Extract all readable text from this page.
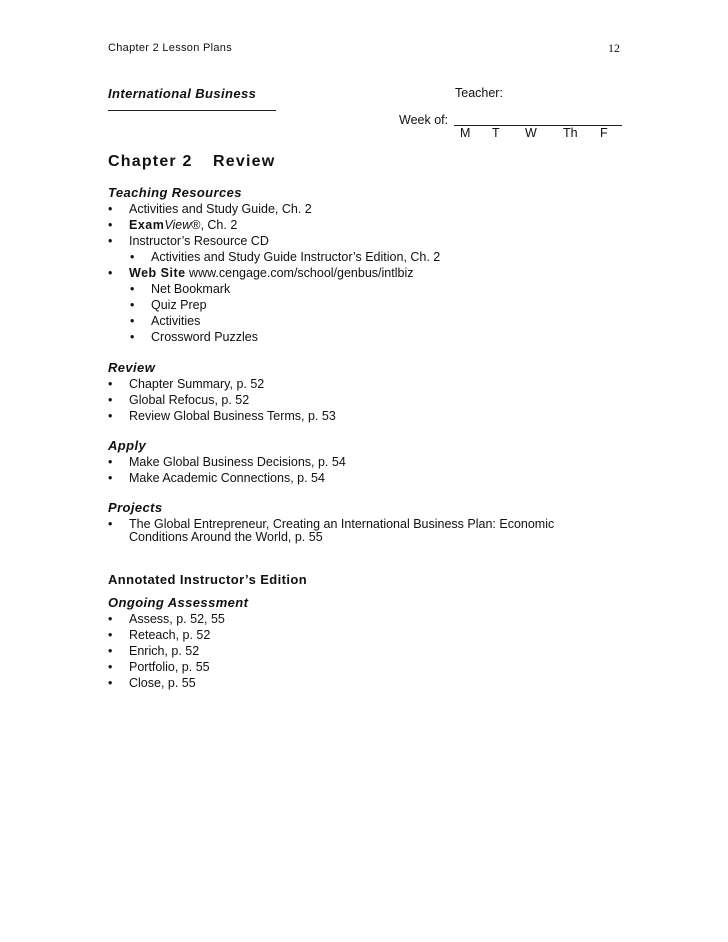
Chapter 2 Lesson Plans	12
International Business	Teacher:
Week of:
M	T	W	Th	F
Chapter 2 Review
Teaching Resources
• Activities and Study Guide, Ch. 2
• ExamView®, Ch. 2
• Instructor’s Resource CD
• Activities and Study Guide Instructor’s Edition, Ch. 2
• Web Site www.cengage.com/school/genbus/intlbiz
• Net Bookmark
• Quiz Prep
• Activities
• Crossword Puzzles
Review
• Chapter Summary, p. 52
• Global Refocus, p. 52
• Review Global Business Terms, p. 53
Apply
• Make Global Business Decisions, p. 54
• Make Academic Connections, p. 54
Projects
• The Global Entrepreneur, Creating an International Business Plan: Economic
Conditions Around the World, p. 55
Annotated Instructor’s Edition
Ongoing Assessment
• Assess, p. 52, 55
• Reteach, p. 52
• Enrich, p. 52
• Portfolio, p. 55
• Close, p. 55
